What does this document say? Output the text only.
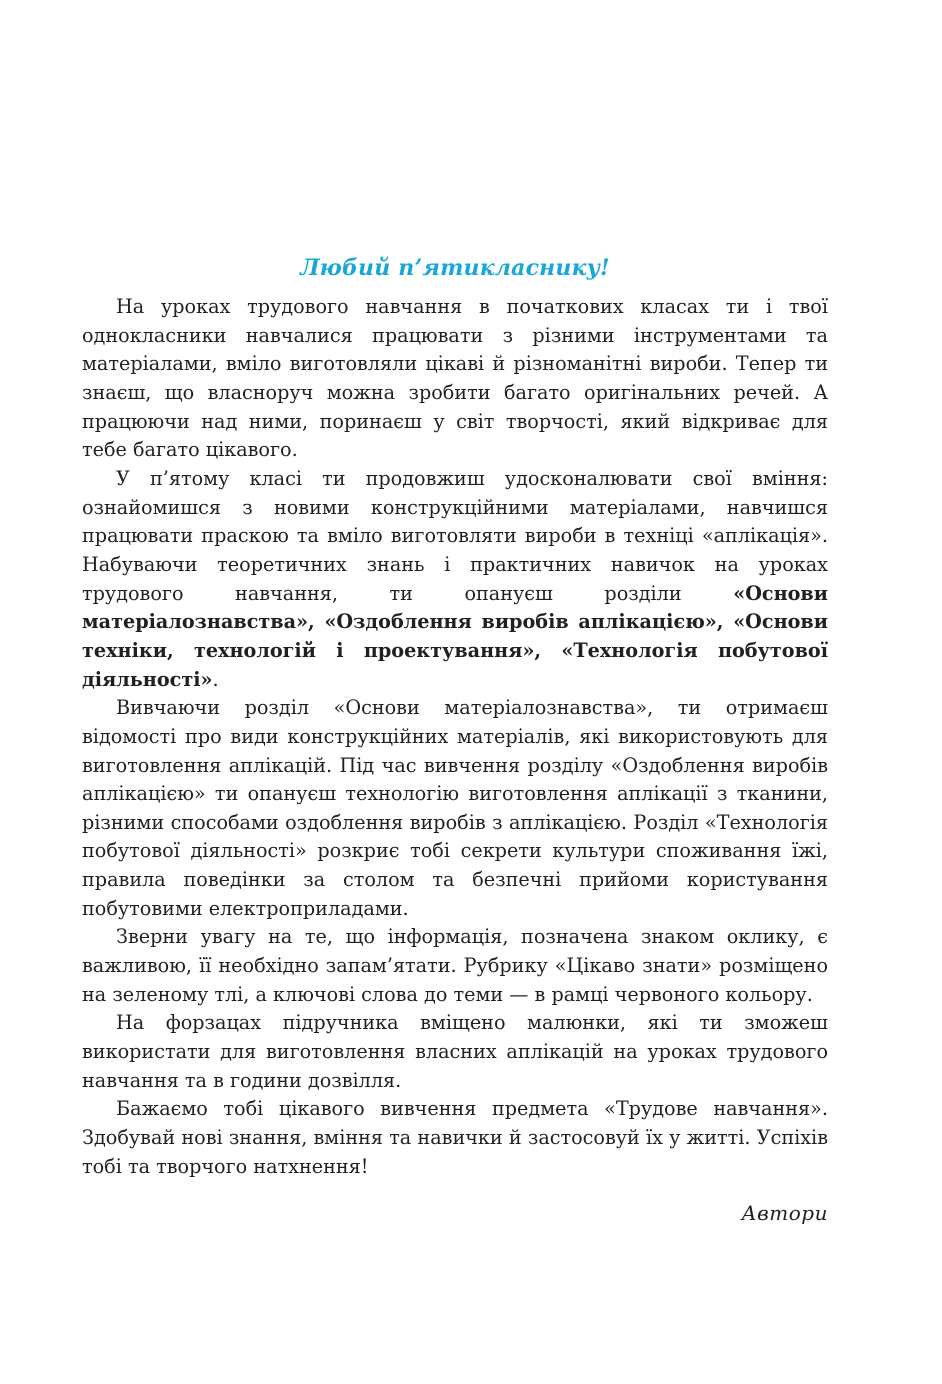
Любий п’ятикласнику!

На уроках трудового навчання в початкових класах ти і твої однокласники навчалися працювати з різними інструментами та матеріалами, вміло виготовляли цікаві й різноманітні вироби. Тепер ти знаєш, що власноруч можна зробити багато оригінальних речей. А працюючи над ними, поринаєш у світ творчості, який відкриває для тебе багато цікавого.

У п’ятому класі ти продовжиш удосконалювати свої вміння: ознайомишся з новими конструкційними матеріалами, навчишся працювати праскою та вміло виготовляти вироби в техніці «аплікація». Набуваючи теоретичних знань і практичних навичок на уроках трудового навчання, ти опануєш розділи «Основи матеріалознавства», «Оздоблення виробів аплікацією», «Основи техніки, технологій і проектування», «Технологія побутової діяльності».

Вивчаючи розділ «Основи матеріалознавства», ти отримаєш відомості про види конструкційних матеріалів, які використовують для виготовлення аплікацій. Під час вивчення розділу «Оздоблення виробів аплікацією» ти опануєш технологію виготовлення аплікації з тканини, різними способами оздоблення виробів з аплікацією. Розділ «Технологія побутової діяльності» розкриє тобі секрети культури споживання їжі, правила поведінки за столом та безпечні прийоми користування побутовими електроприладами.

Зверни увагу на те, що інформація, позначена знаком оклику, є важливою, її необхідно запам’ятати. Рубрику «Цікаво знати» розміщено на зеленому тлі, а ключові слова до теми — в рамці червоного кольору.

На форзацах підручника вміщено малюнки, які ти зможеш використати для виготовлення власних аплікацій на уроках трудового навчання та в години дозвілля.

Бажаємо тобі цікавого вивчення предмета «Трудове навчання». Здобувай нові знання, вміння та навички й застосовуй їх у житті. Успіхів тобі та творчого натхнення!

Автори
